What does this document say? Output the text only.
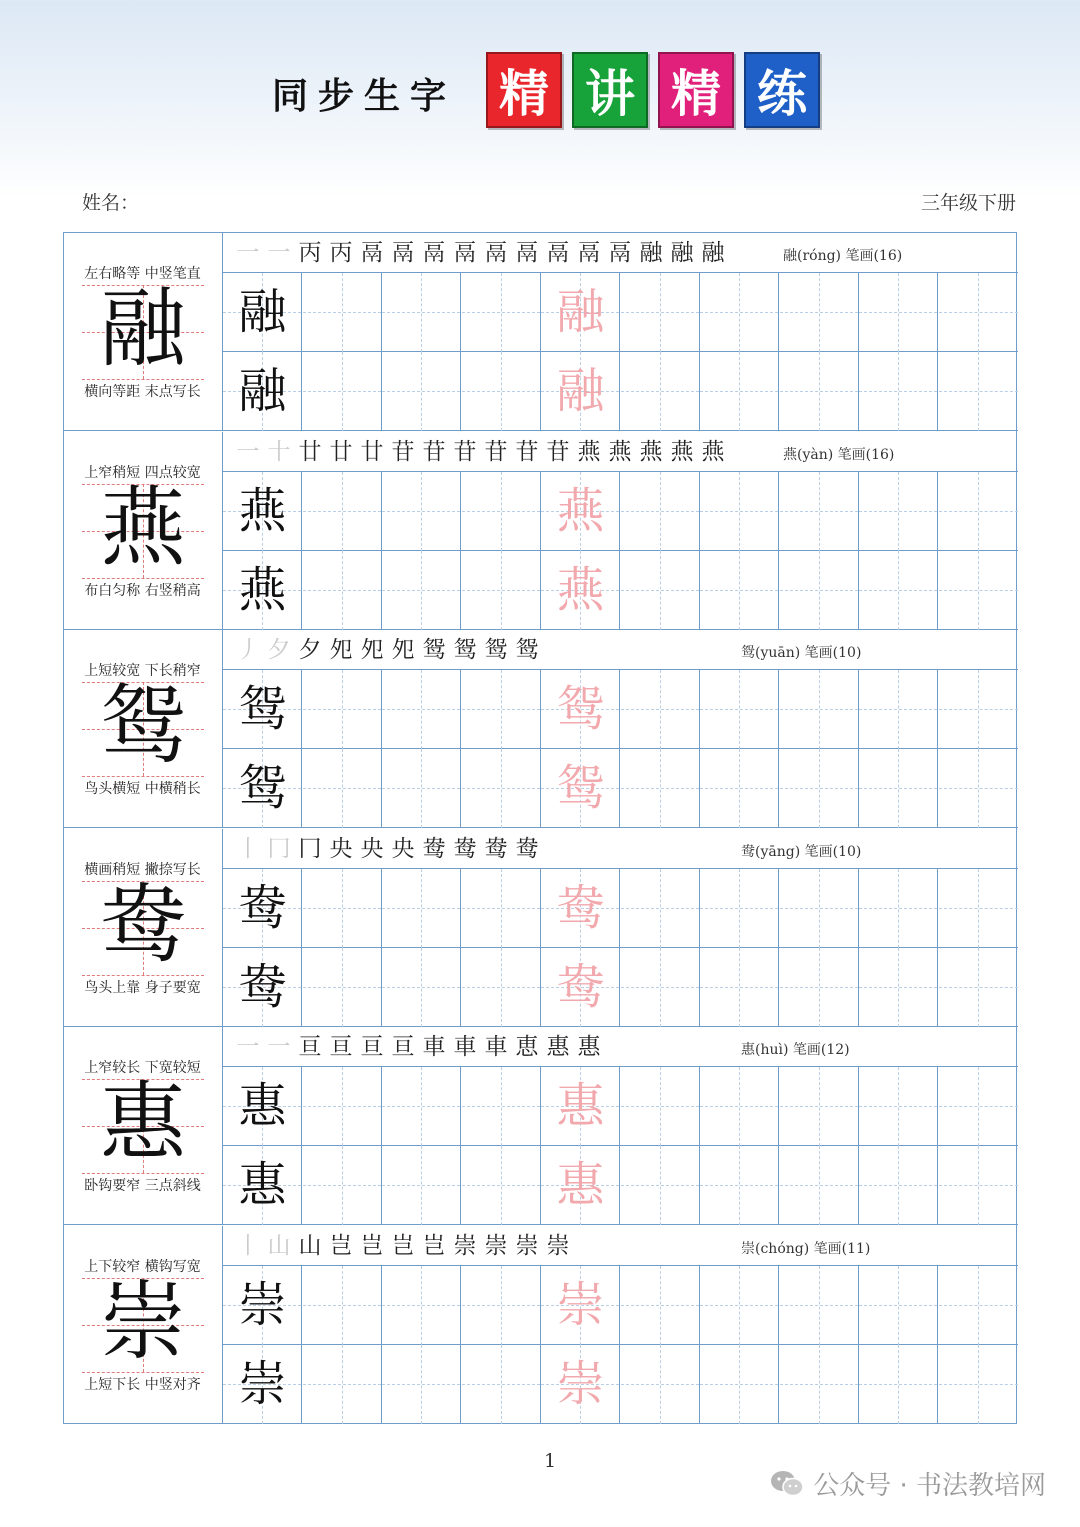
同步生字 精 讲 精 练
姓名：	三年级下册
左右略等 中竖笔直
融
横向等距 末点写长
一 一 丙 丙 鬲 鬲 鬲 鬲 鬲 鬲 鬲 鬲 鬲 融 融 融	融(róng) 笔画(16)
融	融
融	融
上窄稍短 四点较宽
燕
布白匀称 右竖稍高
一 十 廿 廿 廿 苷 苷 苷 苷 苷 苷 燕 燕 燕 燕 燕	燕(yàn) 笔画(16)
燕	燕
燕	燕
上短较宽 下长稍窄
鸳
鸟头横短 中横稍长
丿 夕 夕 夗 夗 夗 鸳 鸳 鸳 鸳	鸳(yuān) 笔画(10)
鸳	鸳
鸳	鸳
横画稍短 撇捺写长
鸯
鸟头上靠 身子要宽
丨 冂 冂 央 央 央 鸯 鸯 鸯 鸯	鸯(yāng) 笔画(10)
鸯	鸯
鸯	鸯
上窄较长 下宽较短
惠
卧钩要窄 三点斜线
一 一 亘 亘 亘 亘 車 車 車 恵 惠 惠	惠(huì) 笔画(12)
惠	惠
惠	惠
上下较窄 横钩写宽
崇
上短下长 中竖对齐
丨 山 山 岂 岂 岂 岂 崇 崇 崇 崇	崇(chóng) 笔画(11)
崇	崇
崇	崇
1
公众号 · 书法教培网
